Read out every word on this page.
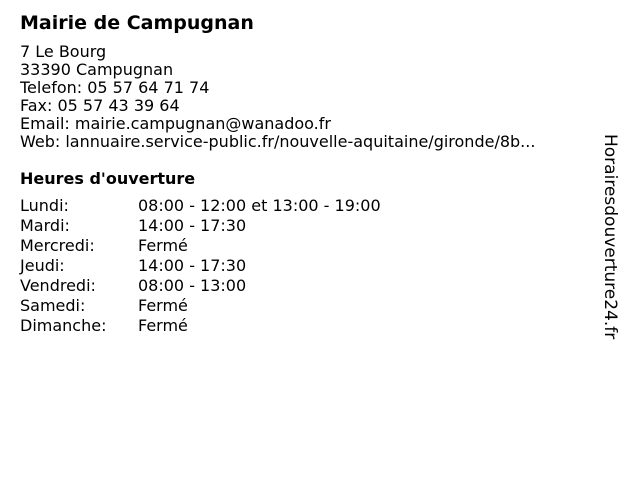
Mairie de Campugnan
7 Le Bourg
33390 Campugnan
Telefon: 05 57 64 71 74
Fax: 05 57 43 39 64
Email: mairie.campugnan@wanadoo.fr
Web: lannuaire.service-public.fr/nouvelle-aquitaine/gironde/8b...
Heures d'ouverture
Lundi:	08:00 - 12:00 et 13:00 - 19:00
Mardi:	14:00 - 17:30
Mercredi:	Fermé
Jeudi:	14:00 - 17:30
Vendredi:	08:00 - 13:00
Samedi:	Fermé
Dimanche:	Fermé	Horairesdouverture24.fr
